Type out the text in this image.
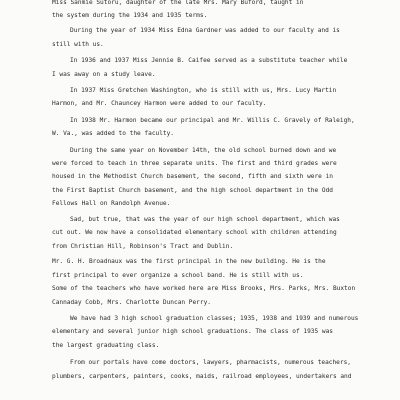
Miss Sanmie Sutoru, daughter of the late Mrs. Mary Buford, taught in
the system during the 1934 and 1935 terms.
During the year of 1934 Miss Edna Gardner was added to our faculty and is
still with us.
In 1936 and 1937 Miss Jennie B. Caifee served as a substitute teacher while
I was away on a study leave.
In 1937 Miss Gretchen Washington, who is still with us, Mrs. Lucy Martin
Harmon, and Mr. Chauncey Harmon were added to our faculty.
In 1938 Mr. Harmon became our principal and Mr. Willis C. Gravely of Raleigh,
W. Va., was added to the faculty.
During the same year on November 14th, the old school burned down and we
were forced to teach in three separate units. The first and third grades were
housed in the Methodist Church basement, the second, fifth and sixth were in
the First Baptist Church basement, and the high school department in the Odd
Fellows Hall on Randolph Avenue.
Sad, but true, that was the year of our high school department, which was
cut out. We now have a consolidated elementary school with children attending
from Christian Hill, Robinson's Tract and Dublin.
Mr. G. H. Broadnaux was the first principal in the new building. He is the
first principal to ever organize a school band. He is still with us.
Some of the teachers who have worked here are Miss Brooks, Mrs. Parks, Mrs. Buxton
Cannaday Cobb, Mrs. Charlotte Duncan Perry.
We have had 3 high school graduation classes; 1935, 1938 and 1939 and numerous
elementary and several junior high school graduations. The class of 1935 was
the largest graduating class.
From our portals have come doctors, lawyers, pharmacists, numerous teachers,
plumbers, carpenters, painters, cooks, maids, railroad employees, undertakers and
